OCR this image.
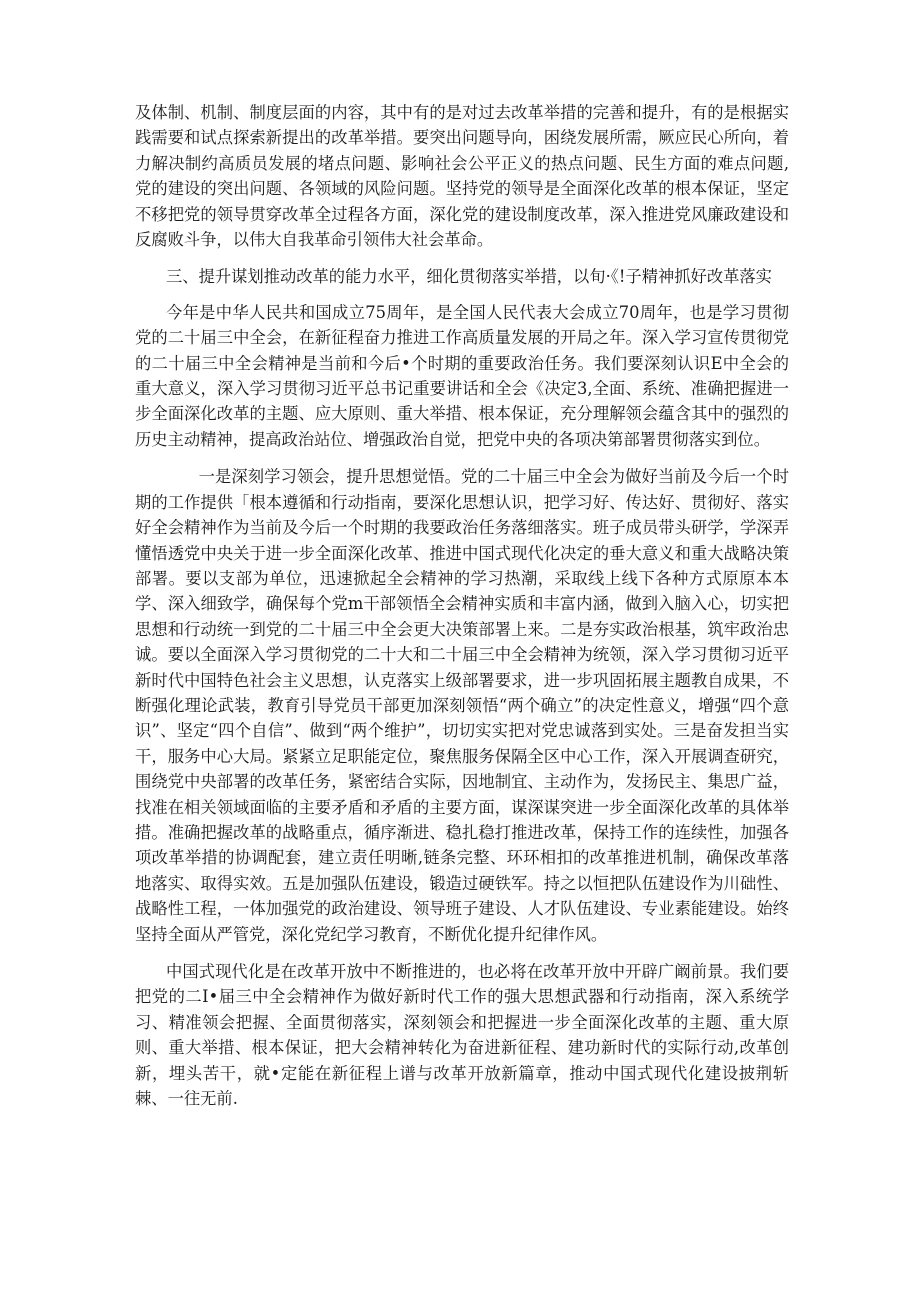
及体制、机制、制度层面的内容，其中有的是对过去改革举措的完善和提升，有的是根据实践需要和试点探索新提出的改革举措。要突出问题导向，困绕发展所需，厥应民心所向，着力解决制约高质员发展的堵点问题、影响社会公平正义的热点问题、民生方面的难点问题,党的建设的突出问题、各领域的风险问题。坚持党的领导是全面深化改革的根本保证，坚定不移把党的领导贯穿改革全过程各方面，深化党的建设制度改革，深入推进党风廉政建设和反腐败斗争，以伟大自我革命引领伟大社会革命。

三、提升谋划推动改革的能力水平，细化贯彻落实举措，以旬·《!子精神抓好改革落实

今年是中华人民共和国成立75周年，是全国人民代表大会成立70周年，也是学习贯彻党的二十届三中全会，在新征程奋力推进工作高质量发展的开局之年。深入学习宣传贯彻党的二十届三中全会精神是当前和今后•个时期的重要政治任务。我们要深刻认识E中全会的重大意义，深入学习贯彻习近平总书记重要讲话和全会《决定3,全面、系统、准确把握进一步全面深化改革的主题、应大原则、重大举措、根本保证，充分理解领会蕴含其中的强烈的历史主动精神，提高政治站位、增强政治自觉，把党中央的各项决第部署贯彻落实到位。

一是深刻学习领会，提升思想觉悟。党的二十届三中全会为做好当前及今后一个时期的工作提供「根本遵循和行动指南，要深化思想认识，把学习好、传达好、贯彻好、落实好全会精神作为当前及今后一个时期的我要政治任务落细落实。班子成员带头研学，学深弄懂悟透党中央关于进一步全面深化改革、推进中国式现代化决定的垂大意义和重大战略决策部署。要以支部为单位，迅速掀起全会精神的学习热潮，采取线上线下各种方式原原本本学、深入细致学，确保每个党m干部领悟全会精神实质和丰富内涵，做到入脑入心，切实把思想和行动统一到党的二十届三中全会更大决策部署上来。二是夯实政治根基，筑牢政治忠诚。要以全面深入学习贯彻党的二十大和二十届三中全会精神为统领，深入学习贯彻习近平新时代中国特色社会主义思想，认克落实上级部署要求，进一步巩固拓展主题教自成果，不断强化理论武装，教育引导党员干部更加深刻领悟“两个确立”的决定性意义，增强“四个意识”、坚定“四个自信”、做到“两个维护”，切切实实把对党忠诚落到实处。三是奋发担当实干，服务中心大局。紧紧立足职能定位，聚焦服务保隔全区中心工作，深入开展调查研究，围绕党中央部署的改革任务，紧密结合实际，因地制宜、主动作为，发扬民主、集思广益，找准在相关领域面临的主要矛盾和矛盾的主要方面，谋深谋突进一步全面深化改革的具体举措。准确把握改革的战略重点，循序渐进、稳扎稳打推进改革，保持工作的连续性，加强各项改革举措的协调配套，建立责任明晰,链条完整、环环相扣的改革推进机制，确保改革落地落实、取得实效。五是加强队伍建设，锻造过硬铁军。持之以恒把队伍建设作为川础性、战略性工程，一体加强党的政治建设、领导班子建设、人才队伍建设、专业素能建设。始终坚持全面从严管党，深化党纪学习教育，不断优化提升纪律作风。

中国式现代化是在改革开放中不断推进的，也必将在改革开放中开辟广阚前景。我们要把党的二I•届三中全会精神作为做好新时代工作的强大思想武器和行动指南，深入系统学习、精准领会把握、全面贯彻落实，深刻领会和把握进一步全面深化改革的主题、重大原则、重大举措、根本保证，把大会精神转化为奋进新征程、建功新时代的实际行动,改革创新，埋头苦干，就•定能在新征程上谱与改革开放新篇章，推动中国式现代化建设披荆斩棘、一往无前.
